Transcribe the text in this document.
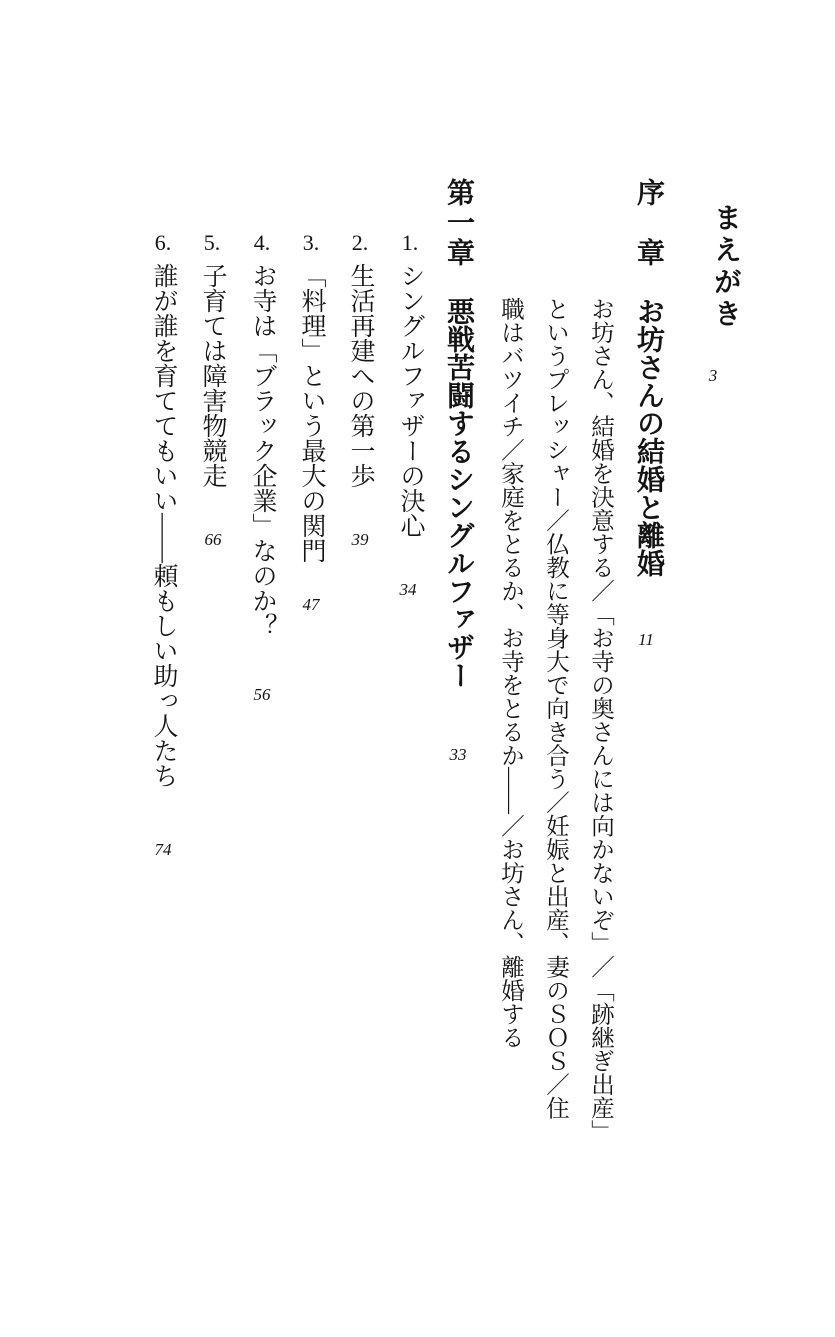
まえがき
3
序　章
お坊さんの結婚と離婚
11
お坊さん、結婚を決意する／「お寺の奥さんには向かないぞ」／「跡継ぎ出産」
というプレッシャー／仏教に等身大で向き合う／妊娠と出産、妻のＳＯＳ／住
職はバツイチ／家庭をとるか、お寺をとるか――／お坊さん、離婚する
第一章
悪戦苦闘するシングルファザー
33
1.
シングルファザーの決心
34
2.
生活再建への第一歩
39
3.
「料理」という最大の関門
47
4.
お寺は「ブラック企業」なのか？
56
5.
子育ては障害物競走
66
6.
誰が誰を育ててもいい――頼もしい助っ人たち
74
